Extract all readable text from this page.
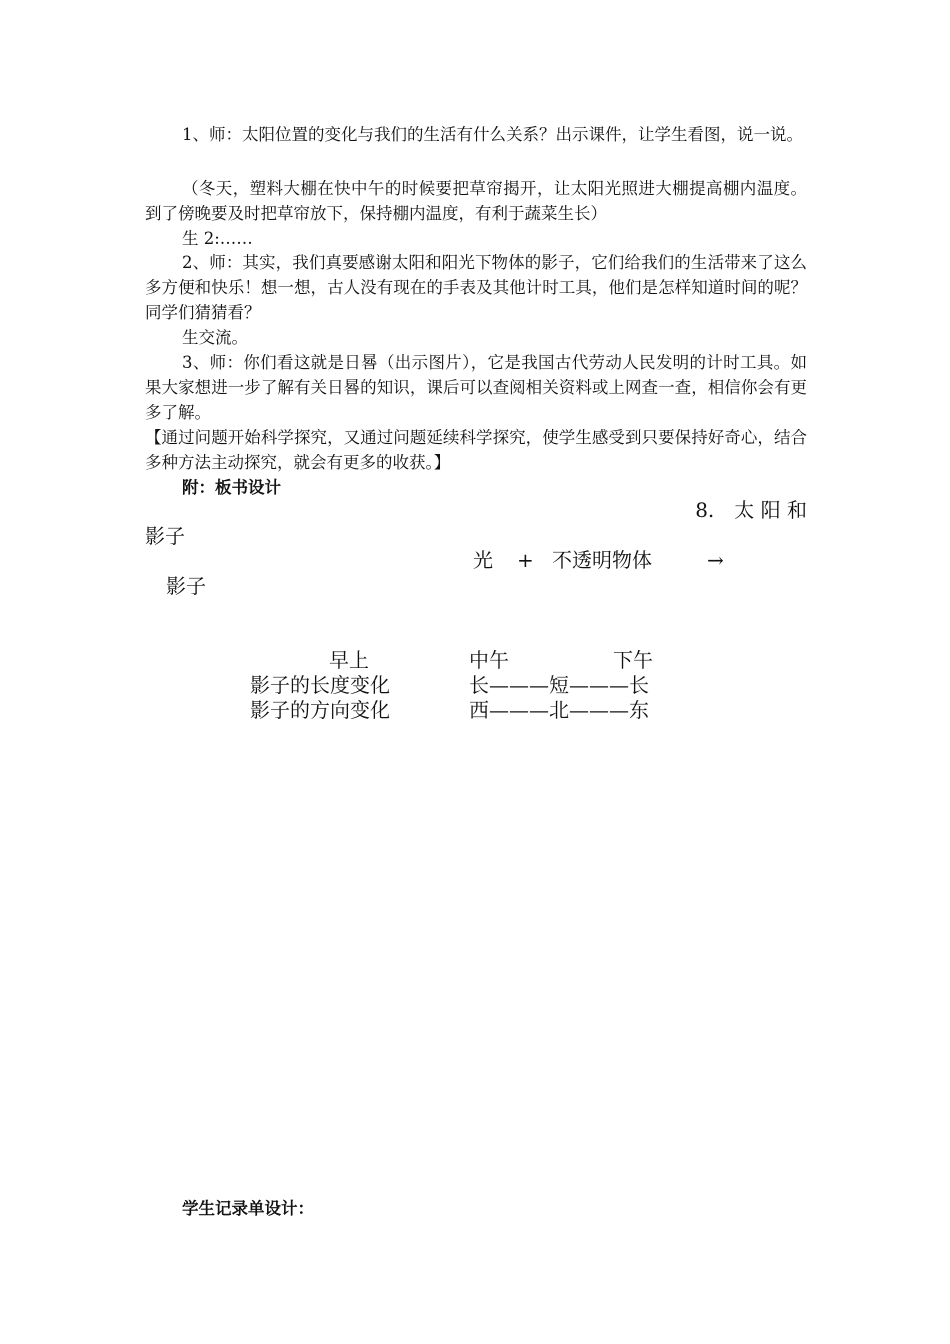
1、师：太阳位置的变化与我们的生活有什么关系？出示课件，让学生看图，说一说。

（冬天，塑料大棚在快中午的时候要把草帘揭开，让太阳光照进大棚提高棚内温度。到了傍晚要及时把草帘放下，保持棚内温度，有利于蔬菜生长）

生 2:……

2、师：其实，我们真要感谢太阳和阳光下物体的影子，它们给我们的生活带来了这么多方便和快乐！想一想，古人没有现在的手表及其他计时工具，他们是怎样知道时间的呢？同学们猜猜看？

生交流。

3、师：你们看这就是日晷（出示图片），它是我国古代劳动人民发明的计时工具。如果大家想进一步了解有关日晷的知识，课后可以查阅相关资料或上网查一查，相信你会有更多了解。

【通过问题开始科学探究，又通过问题延续科学探究，使学生感受到只要保持好奇心，结合多种方法主动探究，就会有更多的收获。】

附：板书设计

8.　太 阳 和

影子

光 + 不透明物体	→
影子
早上	中午	下午
影子的长度变化	长———短———长
影子的方向变化	西———北———东

学生记录单设计：
